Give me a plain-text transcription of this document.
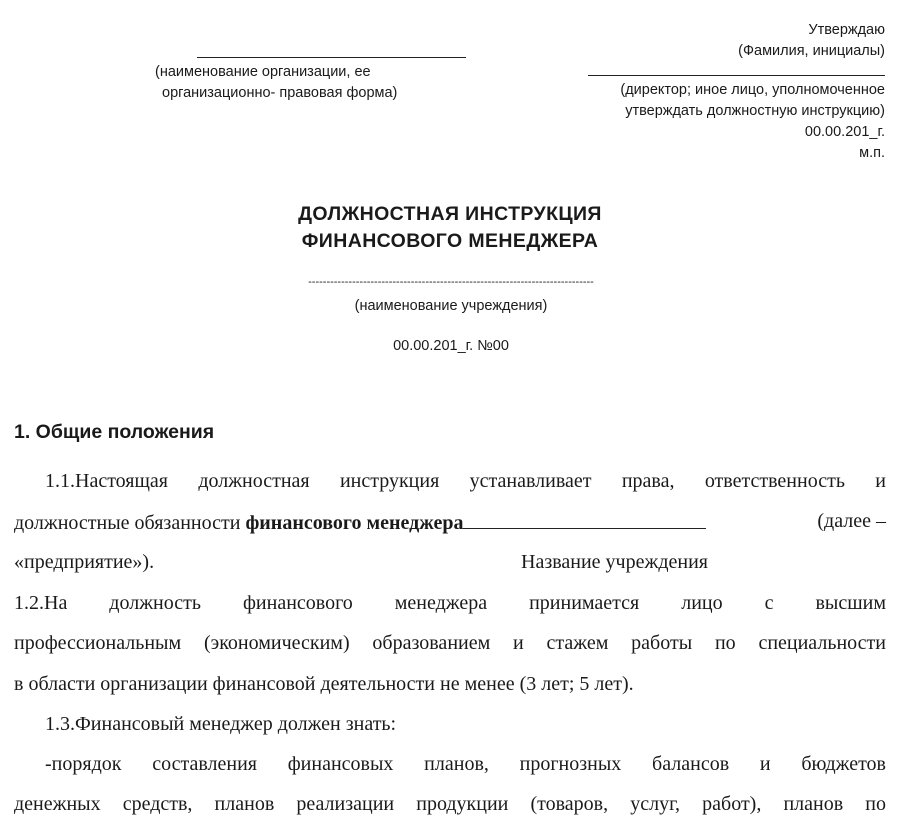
Утверждаю
(Фамилия, инициалы)
(директор; иное лицо, уполномоченное
утверждать должностную инструкцию)
00.00.201_г.
м.п.
(наименование организации, ее
организационно- правовая форма)
ДОЛЖНОСТНАЯ ИНСТРУКЦИЯ
ФИНАНСОВОГО МЕНЕДЖЕРА
------------------------------------------------------------------------------
(наименование учреждения)
00.00.201_г. №00
1. Общие положения
1.1.Настоящая должностная инструкция устанавливает права, ответственность и
должностные обязанности финансового менеджера	(далее –
«предприятие»).	Название учреждения
1.2.На должность финансового менеджера принимается лицо с высшим
профессиональным (экономическим) образованием и стажем работы по специальности
в области организации финансовой деятельности не менее (3 лет; 5 лет).
1.3.Финансовый менеджер должен знать:
-порядок составления финансовых планов, прогнозных балансов и бюджетов
денежных средств, планов реализации продукции (товаров, услуг, работ), планов по
